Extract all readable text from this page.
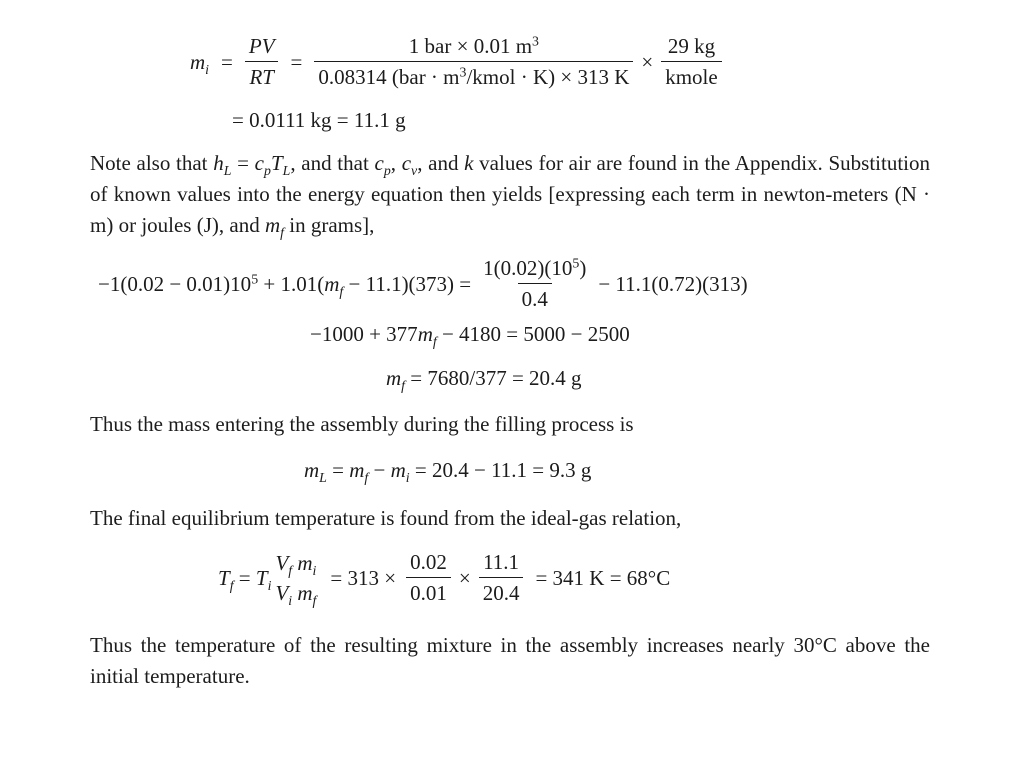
$m_i = \frac{PV}{RT} = \frac{1 bar \times 0.01 m^3}{0.08314 (bar \cdot m^3/kmol \cdot K) \times 313 K} \times \frac{29 kg}{\text{kmole}}$
= 0.0111 kg = 11.1 g
Note also that $h_L = c_pT_L$, and that $c_p$, $c_v$, and k values for air are found in the Appendix. Substitution of known values into the energy equation then yields [expressing each term in newton-meters (N · m) or joules (J), and $m_f$ in grams],
$-1(0.02 - 0.01)10^5 + 1.01(m_f - 11.1)(373) = \frac{1(0.02)(10^5)}{0.4} - 11.1(0.72)(313)$
$-1000 + 377m_f - 4180 = 5000 - 2500$
$m_f = 7680/377 = 20.4$ g
Thus the mass entering the assembly during the filling process is
$m_L = m_f - m_i = 20.4 - 11.1 = 9.3$ g
The final equilibrium temperature is found from the ideal-gas relation,
$T_f = T_i$
$V_f$ $m_i$
$V_i$ $m_f$
= $313 \times \frac{0.02}{0.01} \times \frac{11.1}{20.4} = 341$ K = 68°C
Thus the temperature of the resulting mixture in the assembly increases nearly 30°C above the initial temperature.
